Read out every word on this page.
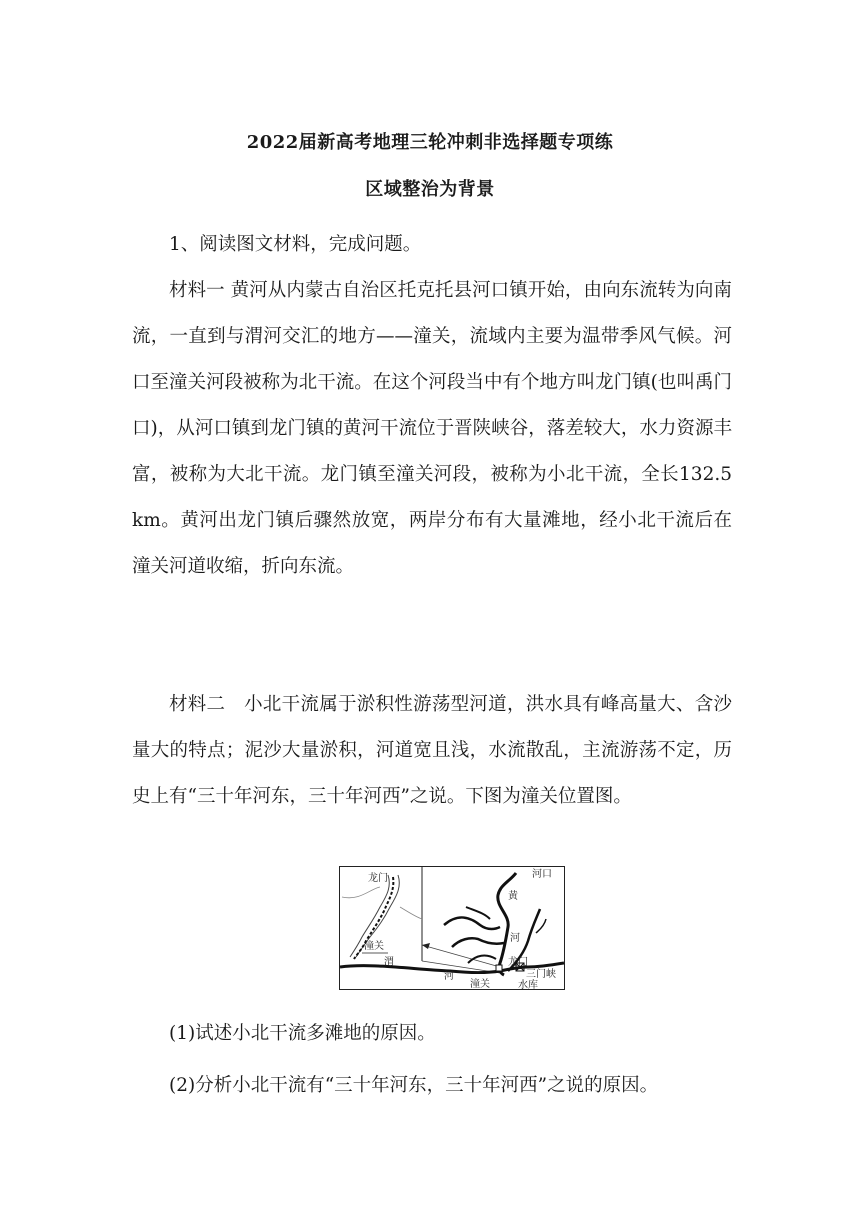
2022届新高考地理三轮冲刺非选择题专项练
区域整治为背景

1、阅读图文材料，完成问题。

材料一 黄河从内蒙古自治区托克托县河口镇开始，由向东流转为向南流，一直到与渭河交汇的地方——潼关，流域内主要为温带季风气候。河口至潼关河段被称为北干流。在这个河段当中有个地方叫龙门镇(也叫禹门口)，从河口镇到龙门镇的黄河干流位于晋陕峡谷，落差较大，水力资源丰富，被称为大北干流。龙门镇至潼关河段，被称为小北干流，全长132.5 km。黄河出龙门镇后骤然放宽，两岸分布有大量滩地，经小北干流后在潼关河道收缩，折向东流。

材料二　小北干流属于淤积性游荡型河道，洪水具有峰高量大、含沙量大的特点；泥沙大量淤积，河道宽且浅，水流散乱，主流游荡不定，历史上有“三十年河东，三十年河西”之说。下图为潼关位置图。

龙门
潼关
河口
黄
河
龙门
渭
河
潼关
三门峡
水库

(1)试述小北干流多滩地的原因。

(2)分析小北干流有“三十年河东，三十年河西”之说的原因。
